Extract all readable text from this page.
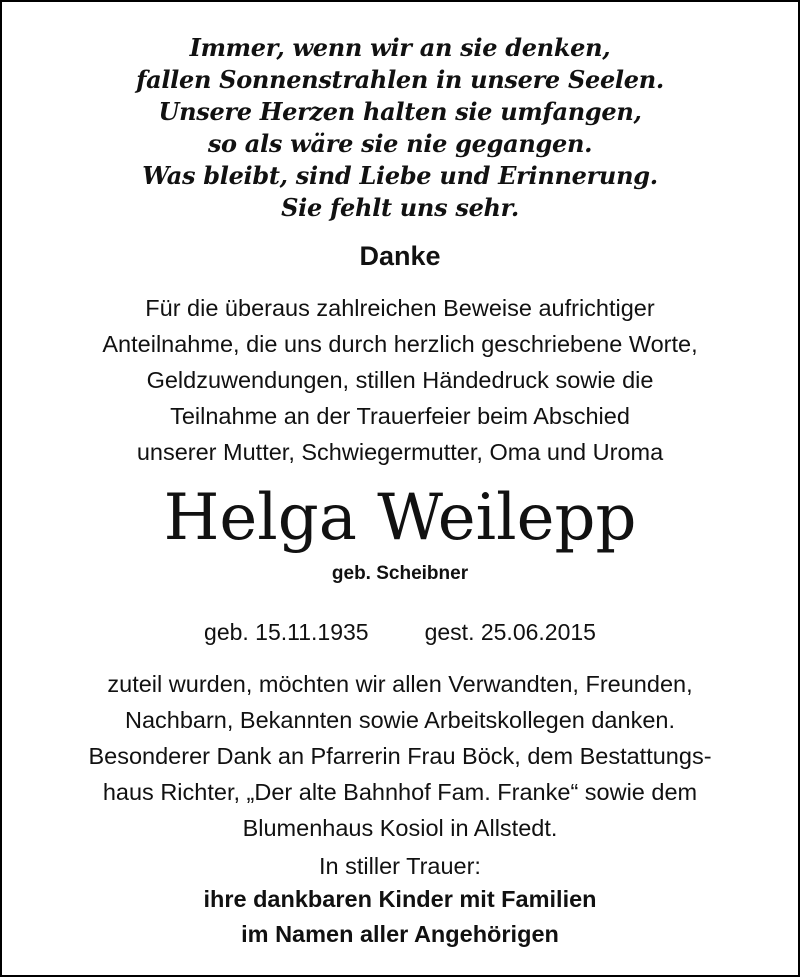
Immer, wenn wir an sie denken,
fallen Sonnenstrahlen in unsere Seelen.
Unsere Herzen halten sie umfangen,
so als wäre sie nie gegangen.
Was bleibt, sind Liebe und Erinnerung.
Sie fehlt uns sehr.
Danke
Für die überaus zahlreichen Beweise aufrichtiger
Anteilnahme, die uns durch herzlich geschriebene Worte,
Geldzuwendungen, stillen Händedruck sowie die
Teilnahme an der Trauerfeier beim Abschied
unserer Mutter, Schwiegermutter, Oma und Uroma
Helga Weilepp
geb. Scheibner
geb. 15.11.1935 gest. 25.06.2015
zuteil wurden, möchten wir allen Verwandten, Freunden,
Nachbarn, Bekannten sowie Arbeitskollegen danken.
Besonderer Dank an Pfarrerin Frau Böck, dem Bestattungs-
haus Richter, „Der alte Bahnhof Fam. Franke“ sowie dem
Blumenhaus Kosiol in Allstedt.
In stiller Trauer:
ihre dankbaren Kinder mit Familien
im Namen aller Angehörigen
